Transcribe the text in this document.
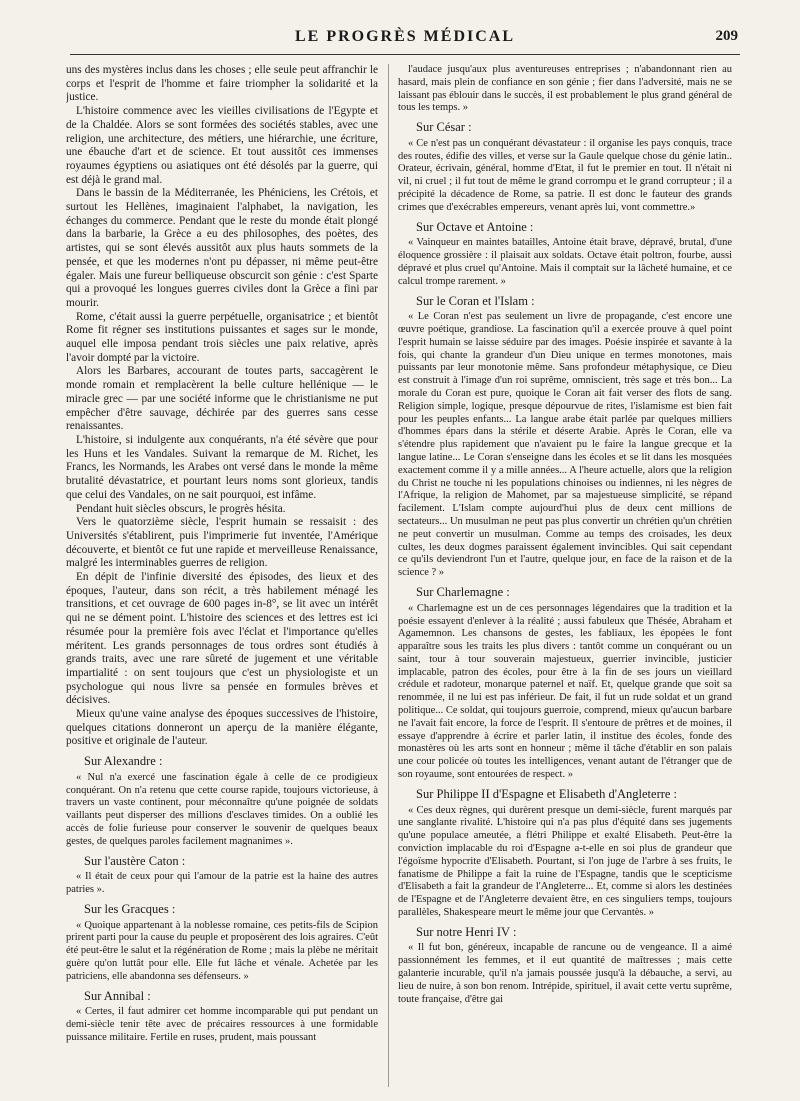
LE PROGRÈS MÉDICAL	209

uns des mystères inclus dans les choses ; elle seule peut affranchir le corps et l'esprit de l'homme et faire triompher la solidarité et la justice.

L'histoire commence avec les vieilles civilisations de l'Egypte et de la Chaldée. Alors se sont formées des sociétés stables, avec une religion, une architecture, des métiers, une hiérarchie, une écriture, une ébauche d'art et de science. Et tout aussitôt ces immenses royaumes égyptiens ou asiatiques ont été désolés par la guerre, qui est déjà le grand mal.

Dans le bassin de la Méditerranée, les Phéniciens, les Crétois, et surtout les Hellènes, imaginaient l'alphabet, la navigation, les échanges du commerce. Pendant que le reste du monde était plongé dans la barbarie, la Grèce a eu des philosophes, des poètes, des artistes, qui se sont élevés aussitôt aux plus hauts sommets de la pensée, et que les modernes n'ont pu dépasser, ni même peut-être égaler. Mais une fureur belliqueuse obscurcit son génie : c'est Sparte qui a provoqué les longues guerres civiles dont la Grèce a fini par mourir.

Rome, c'était aussi la guerre perpétuelle, organisatrice ; et bientôt Rome fit régner ses institutions puissantes et sages sur le monde, auquel elle imposa pendant trois siècles une paix relative, après l'avoir dompté par la victoire.

Alors les Barbares, accourant de toutes parts, saccagèrent le monde romain et remplacèrent la belle culture hellénique — le miracle grec — par une société informe que le christianisme ne put empêcher d'être sauvage, déchirée par des guerres sans cesse renaissantes.

L'histoire, si indulgente aux conquérants, n'a été sévère que pour les Huns et les Vandales. Suivant la remarque de M. Richet, les Francs, les Normands, les Arabes ont versé dans le monde la même brutalité dévastatrice, et pourtant leurs noms sont glorieux, tandis que celui des Vandales, on ne sait pourquoi, est infâme.

Pendant huit siècles obscurs, le progrès hésita.

Vers le quatorzième siècle, l'esprit humain se ressaisit : des Universités s'établirent, puis l'imprimerie fut inventée, l'Amérique découverte, et bientôt ce fut une rapide et merveilleuse Renaissance, malgré les interminables guerres de religion.

En dépit de l'infinie diversité des épisodes, des lieux et des époques, l'auteur, dans son récit, a très habilement ménagé les transitions, et cet ouvrage de 600 pages in-8°, se lit avec un intérêt qui ne se dément point. L'histoire des sciences et des lettres est ici résumée pour la première fois avec l'éclat et l'importance qu'elles méritent. Les grands personnages de tous ordres sont étudiés à grands traits, avec une rare sûreté de jugement et une véritable impartialité : on sent toujours que c'est un physiologiste et un psychologue qui nous livre sa pensée en formules brèves et décisives.

Mieux qu'une vaine analyse des époques successives de l'histoire, quelques citations donneront un aperçu de la manière élégante, positive et originale de l'auteur.

Sur Alexandre :

« Nul n'a exercé une fascination égale à celle de ce prodigieux conquérant. On n'a retenu que cette course rapide, toujours victorieuse, à travers un vaste continent, pour méconnaître qu'une poignée de soldats vaillants peut disperser des millions d'esclaves timides. On a oublié les accès de folie furieuse pour conserver le souvenir de quelques beaux gestes, de quelques paroles facilement magnanimes ».

Sur l'austère Caton :

« Il était de ceux pour qui l'amour de la patrie est la haine des autres patries ».

Sur les Gracques :

« Quoique appartenant à la noblesse romaine, ces petits-fils de Scipion prirent parti pour la cause du peuple et proposèrent des lois agraires. C'eût été peut-être le salut et la régénération de Rome ; mais la plèbe ne méritait guère qu'on luttât pour elle. Elle fut lâche et vénale. Achetée par les patriciens, elle abandonna ses défenseurs. »

Sur Annibal :

« Certes, il faut admirer cet homme incomparable qui put pendant un demi-siècle tenir tête avec de précaires ressources à une formidable puissance militaire. Fertile en ruses, prudent, mais poussant

l'audace jusqu'aux plus aventureuses entreprises ; n'abandonnant rien au hasard, mais plein de confiance en son génie ; fier dans l'adversité, mais ne se laissant pas éblouir dans le succès, il est probablement le plus grand général de tous les temps. »

Sur César :

« Ce n'est pas un conquérant dévastateur : il organise les pays conquis, trace des routes, édifie des villes, et verse sur la Gaule quelque chose du génie latin.. Orateur, écrivain, général, homme d'Etat, il fut le premier en tout. Il n'était ni vil, ni cruel ; il fut tout de même le grand corrompu et le grand corrupteur ; il a précipité la décadence de Rome, sa patrie. Il est donc le fauteur des grands crimes que d'exécrables empereurs, venant après lui, vont commettre.»

Sur Octave et Antoine :

« Vainqueur en maintes batailles, Antoine était brave, dépravé, brutal, d'une éloquence grossière : il plaisait aux soldats. Octave était poltron, fourbe, aussi dépravé et plus cruel qu'Antoine. Mais il comptait sur la lâcheté humaine, et ce calcul trompe rarement. »

Sur le Coran et l'Islam :

« Le Coran n'est pas seulement un livre de propagande, c'est encore une œuvre poétique, grandiose. La fascination qu'il a exercée prouve à quel point l'esprit humain se laisse séduire par des images. Poésie inspirée et savante à la fois, qui chante la grandeur d'un Dieu unique en termes monotones, mais puissants par leur monotonie même. Sans profondeur métaphysique, ce Dieu est construit à l'image d'un roi suprême, omniscient, très sage et très bon... La morale du Coran est pure, quoique le Coran ait fait verser des flots de sang. Religion simple, logique, presque dépourvue de rites, l'islamisme est bien fait pour les peuples enfants... La langue arabe était parlée par quelques milliers d'hommes épars dans la stérile et déserte Arabie. Après le Coran, elle va s'étendre plus rapidement que n'avaient pu le faire la langue grecque et la langue latine... Le Coran s'enseigne dans les écoles et se lit dans les mosquées exactement comme il y a mille années... A l'heure actuelle, alors que la religion du Christ ne touche ni les populations chinoises ou indiennes, ni les nègres de l'Afrique, la religion de Mahomet, par sa majestueuse simplicité, se répand facilement. L'Islam compte aujourd'hui plus de deux cent millions de sectateurs... Un musulman ne peut pas plus convertir un chrétien qu'un chrétien ne peut convertir un musulman. Comme au temps des croisades, les deux cultes, les deux dogmes paraissent également invincibles. Qui sait cependant ce qu'ils deviendront l'un et l'autre, quelque jour, en face de la raison et de la science ? »

Sur Charlemagne :

« Charlemagne est un de ces personnages légendaires que la tradition et la poésie essayent d'enlever à la réalité ; aussi fabuleux que Thésée, Abraham et Agamemnon. Les chansons de gestes, les fabliaux, les épopées le font apparaître sous les traits les plus divers : tantôt comme un conquérant ou un saint, tour à tour souverain majestueux, guerrier invincible, justicier implacable, patron des écoles, pour être à la fin de ses jours un vieillard crédule et radoteur, monarque paternel et naïf. Et, quelque grande que soit sa renommée, il ne lui est pas inférieur. De fait, il fut un rude soldat et un grand politique... Ce soldat, qui toujours guerroie, comprend, mieux qu'aucun barbare ne l'avait fait encore, la force de l'esprit. Il s'entoure de prêtres et de moines, il essaye d'apprendre à écrire et parler latin, il institue des écoles, fonde des monastères où les arts sont en honneur ; même il tâche d'établir en son palais une cour policée où toutes les intelligences, venant autant de l'étranger que de son royaume, sont entourées de respect. »

Sur Philippe II d'Espagne et Elisabeth d'Angleterre :

« Ces deux règnes, qui durèrent presque un demi-siècle, furent marqués par une sanglante rivalité. L'histoire qui n'a pas plus d'équité dans ses jugements qu'une populace ameutée, a flétri Philippe et exalté Elisabeth. Peut-être la conviction implacable du roi d'Espagne a-t-elle en soi plus de grandeur que l'égoïsme hypocrite d'Elisabeth. Pourtant, si l'on juge de l'arbre à ses fruits, le fanatisme de Philippe a fait la ruine de l'Espagne, tandis que le scepticisme d'Elisabeth a fait la grandeur de l'Angleterre... Et, comme si alors les destinées de l'Espagne et de l'Angleterre devaient être, en ces singuliers temps, toujours parallèles, Shakespeare meurt le même jour que Cervantès. »

Sur notre Henri IV :

« Il fut bon, généreux, incapable de rancune ou de vengeance. Il a aimé passionnément les femmes, et il eut quantité de maîtresses ; mais cette galanterie incurable, qu'il n'a jamais poussée jusqu'à la débauche, a servi, au lieu de nuire, à son bon renom. Intrépide, spirituel, il avait cette vertu suprême, toute française, d'être gai
